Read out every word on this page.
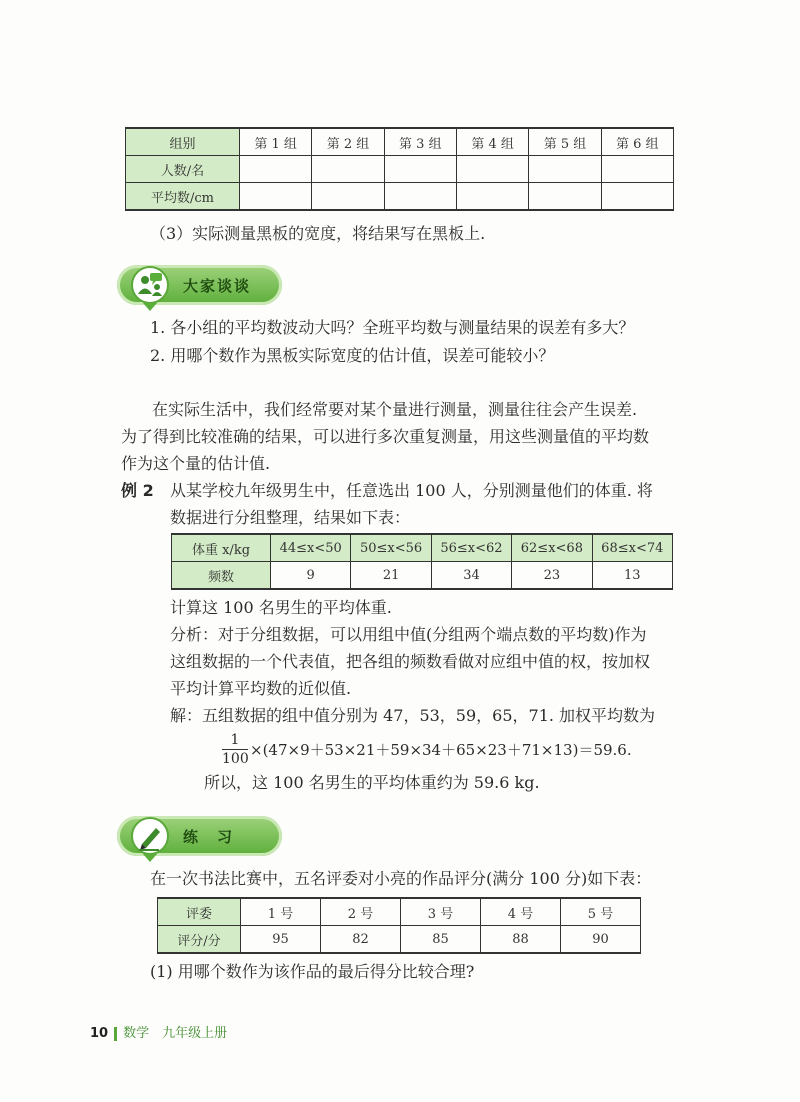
组别	第 1 组	第 2 组	第 3 组	第 4 组	第 5 组	第 6 组
人数/名						
平均数/cm						
（3）实际测量黑板的宽度，将结果写在黑板上.
大家谈谈
1. 各小组的平均数波动大吗？全班平均数与测量结果的误差有多大？
2. 用哪个数作为黑板实际宽度的估计值，误差可能较小？
在实际生活中，我们经常要对某个量进行测量，测量往往会产生误差.
为了得到比较准确的结果，可以进行多次重复测量，用这些测量值的平均数
作为这个量的估计值.
例 2 从某学校九年级男生中，任意选出 100 人，分别测量他们的体重. 将
数据进行分组整理，结果如下表：
体重 x/kg	44≤x<50	50≤x<56	56≤x<62	62≤x<68	68≤x<74
频数	9	21	34	23	13
计算这 100 名男生的平均体重.
分析：对于分组数据，可以用组中值(分组两个端点数的平均数)作为
这组数据的一个代表值，把各组的频数看做对应组中值的权，按加权
平均计算平均数的近似值.
解：五组数据的组中值分别为 47，53，59，65，71. 加权平均数为
$\frac{1}{100} \times(47\times 9+53\times 21+59\times 34+65\times 23+71\times 13)=59.6$.
所以，这 100 名男生的平均体重约为 59.6 kg.
练　习
在一次书法比赛中，五名评委对小亮的作品评分(满分 100 分)如下表：
评委	1 号	2 号	3 号	4 号	5 号
评分/分	95	82	85	88	90
(1) 用哪个数作为该作品的最后得分比较合理?
10 数学　九年级上册
